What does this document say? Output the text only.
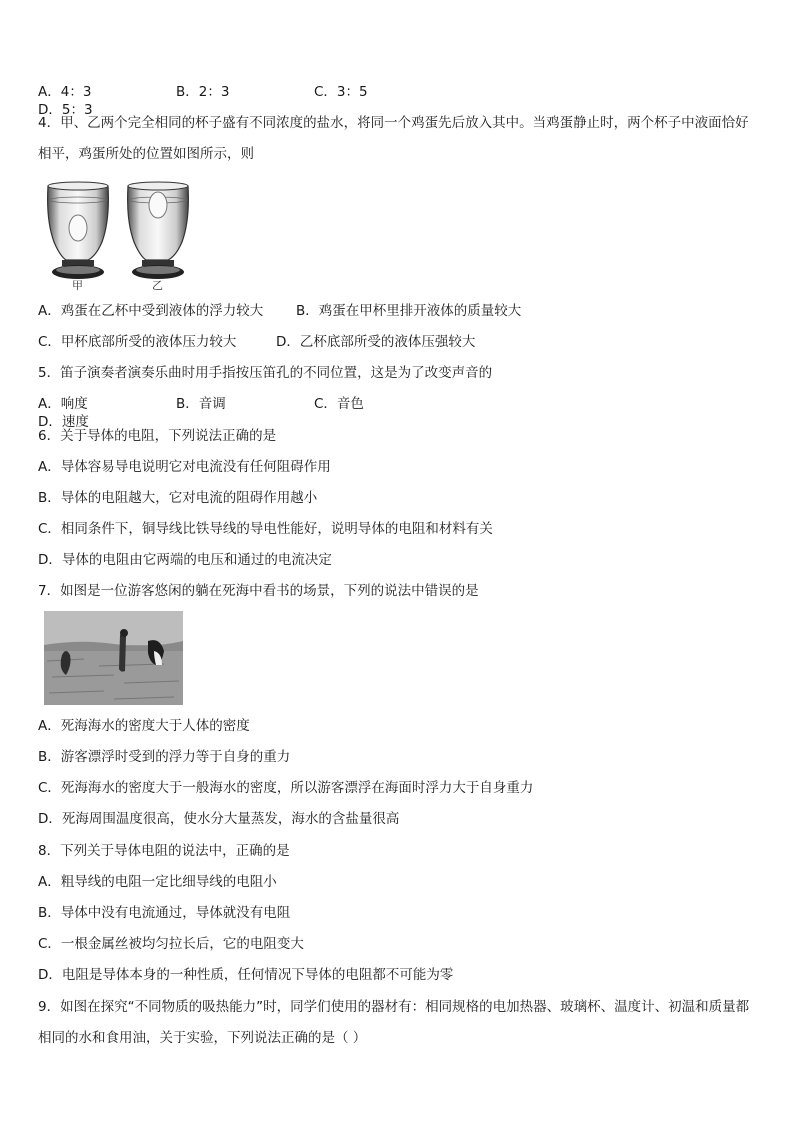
A．4：3	B．2：3	C．3：5D．5：3
4．甲、乙两个完全相同的杯子盛有不同浓度的盐水，将同一个鸡蛋先后放入其中。当鸡蛋静止时，两个杯子中液面恰好相平，鸡蛋所处的位置如图所示，则
甲	乙
A．鸡蛋在乙杯中受到液体的浮力较大 B．鸡蛋在甲杯里排开液体的质量较大
C．甲杯底部所受的液体压力较大	D．乙杯底部所受的液体压强较大
5．笛子演奏者演奏乐曲时用手指按压笛孔的不同位置，这是为了改变声音的
A．响度	B．音调	C．音色D．速度
6．关于导体的电阻，下列说法正确的是
A．导体容易导电说明它对电流没有任何阻碍作用
B．导体的电阻越大，它对电流的阻碍作用越小
C．相同条件下，铜导线比铁导线的导电性能好，说明导体的电阻和材料有关
D．导体的电阻由它两端的电压和通过的电流决定
7．如图是一位游客悠闲的躺在死海中看书的场景，下列的说法中错误的是
A．死海海水的密度大于人体的密度
B．游客漂浮时受到的浮力等于自身的重力
C．死海海水的密度大于一般海水的密度，所以游客漂浮在海面时浮力大于自身重力
D．死海周围温度很高，使水分大量蒸发，海水的含盐量很高
8．下列关于导体电阻的说法中，正确的是
A．粗导线的电阻一定比细导线的电阻小
B．导体中没有电流通过，导体就没有电阻
C．一根金属丝被均匀拉长后，它的电阻变大
D．电阻是导体本身的一种性质，任何情况下导体的电阻都不可能为零
9．如图在探究“不同物质的吸热能力”时，同学们使用的器材有：相同规格的电加热器、玻璃杯、温度计、初温和质量都相同的水和食用油，关于实验，下列说法正确的是（ ）
